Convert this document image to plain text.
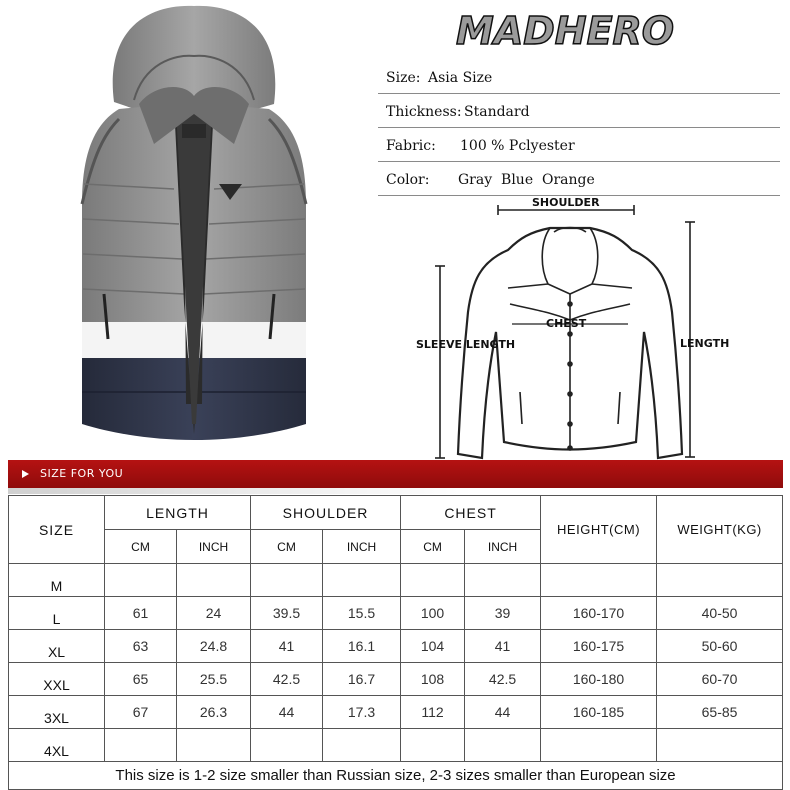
MADHERO
Size: Asia Size
Thickness: Standard
Fabric: 100 % Pclyester
Color: Gray  Blue  Orange
SHOULDER
CHEST
SLEEVE LENGTH	LENGTH
SIZE FOR YOU
SIZE	LENGTH		SHOULDER		CHEST		HEIGHT(CM)	WEIGHT(KG)
	CM	INCH	CM	INCH	CM	INCH		
M								
L	61	24	39.5	15.5	100	39	160-170	40-50
XL	63	24.8	41	16.1	104	41	160-175	50-60
XXL	65	25.5	42.5	16.7	108	42.5	160-180	60-70
3XL	67	26.3	44	17.3	112	44	160-185	65-85
4XL								
This size is 1-2 size smaller than Russian size, 2-3 sizes smaller than European size								
